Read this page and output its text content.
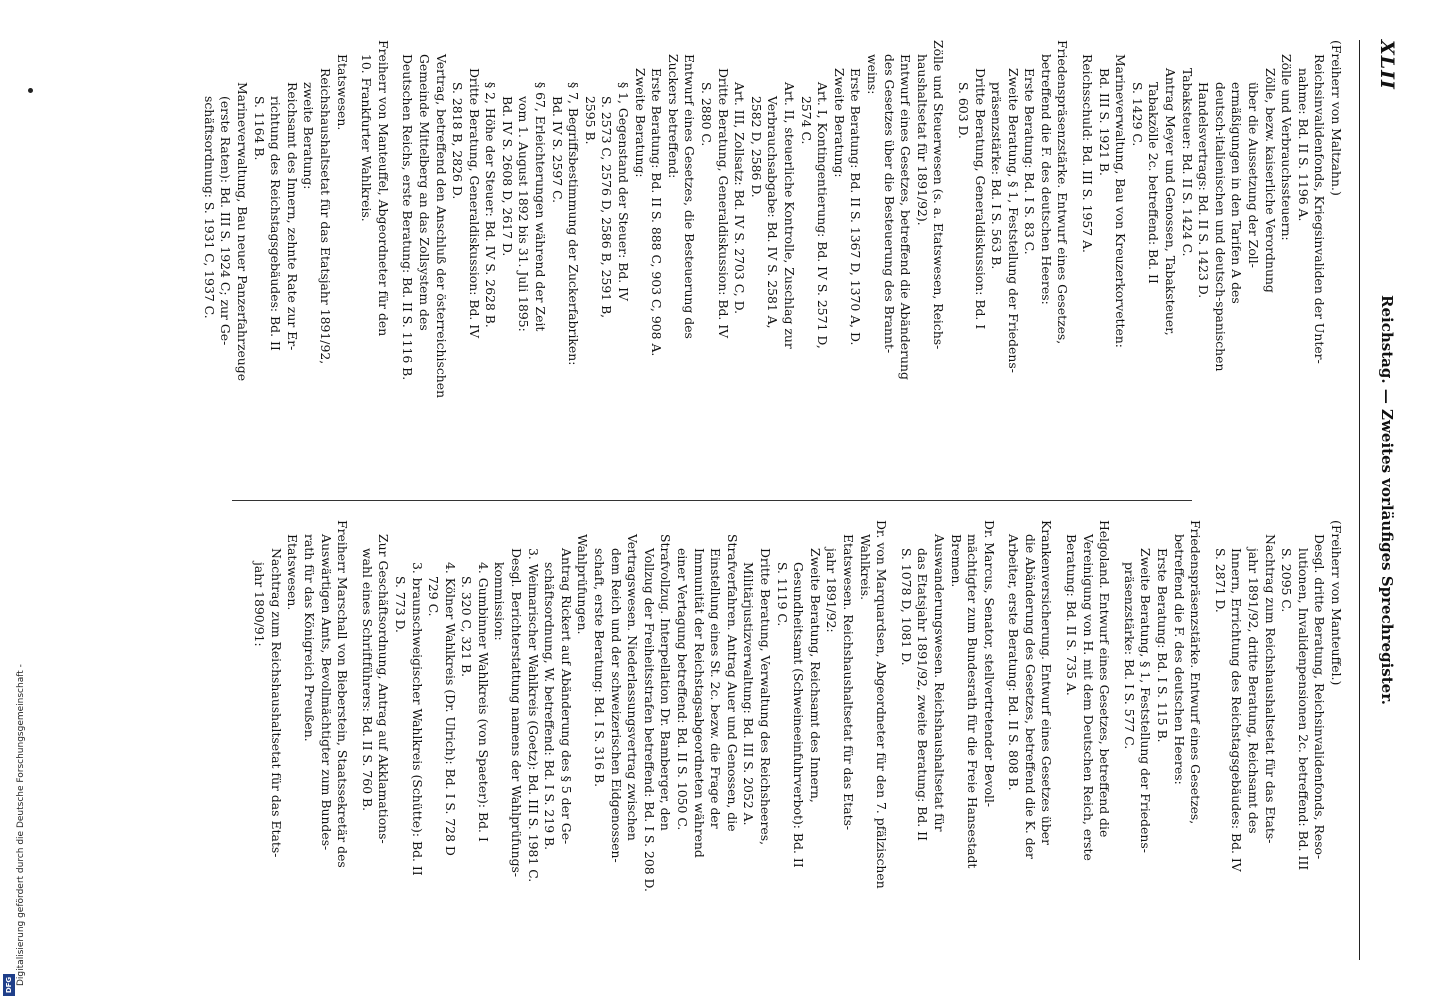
XLII
Reichstag. — Zweites vorläufiges Sprechregister.

(Freiherr von Maltzahn.)

Reichsinvalidenfonds, Kriegsinvaliden der Unter-

nahme: Bd. II S. 1196 A.

Zölle und Verbrauchssteuern:

Zölle, bezw. kaiserliche Verordnung

über die Aussetzung der Zoll-

ermäßigungen in den Tarifen A des

deutsch-italienischen und deutsch-spanischen

Handelsvertrags: Bd. II S. 1423 D.

Tabaksteuer: Bd. II S. 1424 C.

Antrag Meyer und Genossen, Tabaksteuer,

Tabakzölle 2c. betreffend: Bd. II

S. 1429 C.

Marineverwaltung, Bau von Kreuzerkorvetten:

Bd. III S. 1921 B.

Reichsschuld: Bd. III S. 1957 A.

Friedenspräsenzstärke. Entwurf eines Gesetzes,

betreffend die F. des deutschen Heeres:

Erste Beratung: Bd. I S. 83 C.

Zweite Beratung, § 1, Feststellung der Friedens-

präsenzstärke: Bd. I S. 563 B.

Dritte Beratung, Generaldiskussion: Bd. I

S. 603 D.

Zölle und Steuerwesen (s. a. Etatswesen, Reichs-

haushaltsetat für 1891/92).

Entwurf eines Gesetzes, betreffend die Abänderung

des Gesetzes über die Besteuerung des Brannt-

weins:

Erste Beratung: Bd. II S. 1367 D, 1370 A, D.

Zweite Beratung:

Art. I, Kontingentierung: Bd. IV S. 2571 D,

2574 C.

Art. II, steuerliche Kontrolle, Zuschlag zur

Verbrauchsabgabe: Bd. IV S. 2581 A,

2582 D, 2586 D.

Art. III, Zollsatz: Bd. IV S. 2703 C, D.

Dritte Beratung, Generaldiskussion: Bd. IV

S. 2880 C.

Entwurf eines Gesetzes, die Besteuerung des

Zuckers betreffend:

Erste Beratung: Bd. II S. 888 C, 903 C, 908 A.

Zweite Beratung:

§ 1, Gegenstand der Steuer: Bd. IV

S. 2573 C, 2576 D, 2586 B, 2591 B,

2595 B.

§ 7, Begriffsbestimmung der Zuckerfabriken:

Bd. IV S. 2597 C.

§ 67, Erleichterungen während der Zeit

vom 1. August 1892 bis 31. Juli 1895:

Bd. IV S. 2608 D, 2617 D.

§ 2, Höhe der Steuer: Bd. IV S. 2628 B.

Dritte Beratung, Generaldiskussion: Bd. IV

S. 2818 B, 2826 D.

Vertrag, betreffend den Anschluß der österreichischen

Gemeinde Mittelberg an das Zollsystem des

Deutschen Reichs, erste Beratung: Bd. II S. 1116 B.

Freiherr von Manteuffel, Abgeordneter für den

10. Frankfurter Wahlkreis.

Etatswesen.

Reichshaushaltsetat für das Etatsjahr 1891/92,

zweite Beratung:

Reichsamt des Innern, zehnte Rate zur Er-

richtung des Reichstagsgebäudes: Bd. II

S. 1164 B.

Marineverwaltung, Bau neuer Panzerfahrzeuge

(erste Raten): Bd. III S. 1924 C; zur Ge-

schäftsordnung: S. 1931 C, 1937 C.

(Freiherr von Manteuffel.)

Desgl. dritte Beratung, Reichsinvalidenfonds, Reso-

lutionen, Invalidenpensionen 2c. betreffend: Bd. III

S. 2095 C.

Nachtrag zum Reichshaushaltsetat für das Etats-

jahr 1891/92, dritte Beratung, Reichsamt des

Innern, Errichtung des Reichstagsgebäudes: Bd. IV

S. 2871 D.

Friedenspräsenzstärke. Entwurf eines Gesetzes,

betreffend die F. des deutschen Heeres:

Erste Beratung: Bd. I S. 115 B.

Zweite Beratung, § 1, Feststellung der Friedens-

präsenzstärke: Bd. I S. 577 C.

Helgoland. Entwurf eines Gesetzes, betreffend die

Vereinigung von H. mit dem Deutschen Reich, erste

Beratung: Bd. II S. 735 A.

Krankenversicherung. Entwurf eines Gesetzes über

die Abänderung des Gesetzes, betreffend die K. der

Arbeiter, erste Beratung: Bd. II S. 808 B.

Dr. Marcus, Senator, stellvertretender Bevoll-

mächtigter zum Bundesrath für die Freie Hansestadt

Bremen.

Auswanderungswesen. Reichshaushaltsetat für

das Etatsjahr 1891/92, zweite Beratung: Bd. II

S. 1078 D, 1081 D.

Dr. von Marquardsen, Abgeordneter für den 7. pfälzischen

Wahlkreis.

Etatswesen. Reichshaushaltsetat für das Etats-

jahr 1891/92:

Zweite Beratung, Reichsamt des Innern,

Gesundheitsamt (Schweineeinfuhrverbot): Bd. II

S. 1119 C.

Dritte Beratung, Verwaltung des Reichsheeres,

Militärjustizverwaltung: Bd. III S. 2052 A.

Strafverfahren. Antrag Auer und Genossen, die

Einstellung eines St. 2c. bezw. die Frage der

Immunität der Reichstagsabgeordneten während

einer Vertagung betreffend: Bd. II S. 1050 C.

Strafvollzug. Interpellation Dr. Bamberger, den

Vollzug der Freiheitsstrafen betreffend: Bd. I S. 208 D.

Vertragswesen. Niederlassungsvertrag zwischen

dem Reich und der schweizerischen Eidgenossen-

schaft, erste Beratung: Bd. I S. 316 B.

Wahlprüfungen.

Antrag Rickert auf Abänderung des § 5 der Ge-

schäftsordnung, W. betreffend: Bd. I S. 219 B.

3. Weimarischer Wahlkreis (Goetz): Bd. III S. 1981 C.

Desgl. Berichterstattung namens der Wahlprüfungs-

kommission:

4. Gumbinner Wahlkreis (von Spaeter): Bd. I

S. 320 C, 321 B.

4. Kölner Wahlkreis (Dr. Ulrich): Bd. I S. 728 D

729 C.

3. braunschweigischer Wahlkreis (Schütte): Bd. II

S. 773 D.

Zur Geschäftsordnung, Antrag auf Akklamations-

wahl eines Schriftführers: Bd. II S. 760 B.

Freiherr Marschall von Bieberstein, Staatssekretär des

Auswärtigen Amts, Bevollmächtigter zum Bundes-

rath für das Königreich Preußen.

Etatswesen.

Nachtrag zum Reichshaushaltsetat für das Etats-

jahr 1890/91:

Digitalisierung gefördert durch die Deutsche Forschungsgemeinschaft -
DFG
